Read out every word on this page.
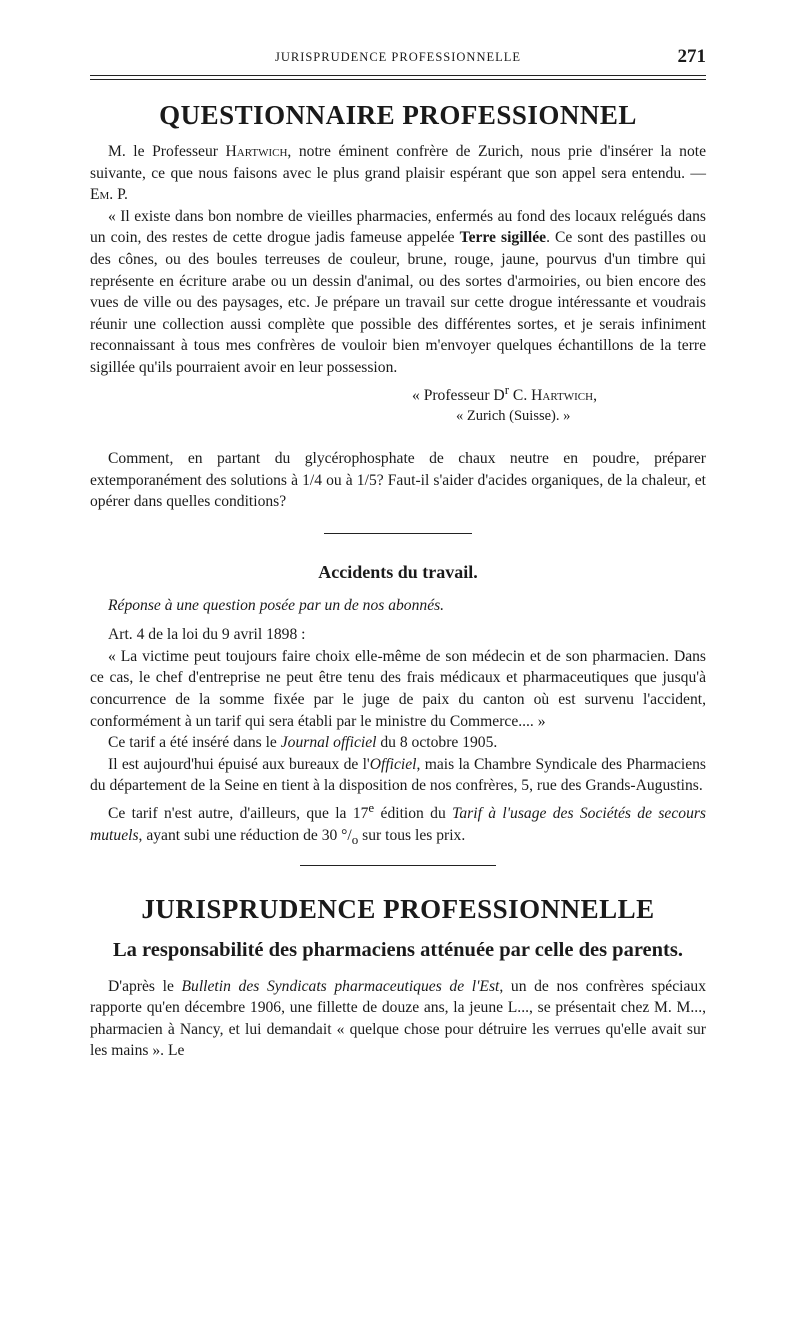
JURISPRUDENCE PROFESSIONNELLE	271
QUESTIONNAIRE PROFESSIONNEL

M. le Professeur Hartwich, notre éminent confrère de Zurich, nous prie d'insérer la note suivante, ce que nous faisons avec le plus grand plaisir espérant que son appel sera entendu. — Em. P.

« Il existe dans bon nombre de vieilles pharmacies, enfermés au fond des locaux relégués dans un coin, des restes de cette drogue jadis fameuse appelée Terre sigillée. Ce sont des pastilles ou des cônes, ou des boules terreuses de couleur, brune, rouge, jaune, pourvus d'un timbre qui représente en écriture arabe ou un dessin d'animal, ou des sortes d'armoiries, ou bien encore des vues de ville ou des paysages, etc. Je prépare un travail sur cette drogue intéressante et voudrais réunir une collection aussi complète que possible des différentes sortes, et je serais infiniment reconnaissant à tous mes confrères de vouloir bien m'envoyer quelques échantillons de la terre sigillée qu'ils pourraient avoir en leur possession.

« Professeur $D^r$ C. Hartwich,

« Zurich (Suisse). »

Comment, en partant du glycérophosphate de chaux neutre en poudre, préparer extemporanément des solutions à 1/4 ou à 1/5? Faut-il s'aider d'acides organiques, de la chaleur, et opérer dans quelles conditions?

Accidents du travail.

Réponse à une question posée par un de nos abonnés.

Art. 4 de la loi du 9 avril 1898 :

« La victime peut toujours faire choix elle-même de son médecin et de son pharmacien. Dans ce cas, le chef d'entreprise ne peut être tenu des frais médicaux et pharmaceutiques que jusqu'à concurrence de la somme fixée par le juge de paix du canton où est survenu l'accident, conformément à un tarif qui sera établi par le ministre du Commerce.... »

Ce tarif a été inséré dans le Journal officiel du 8 octobre 1905.

Il est aujourd'hui épuisé aux bureaux de l'Officiel, mais la Chambre Syndicale des Pharmaciens du département de la Seine en tient à la disposition de nos confrères, 5, rue des Grands-Augustins.

Ce tarif n'est autre, d'ailleurs, que la 17e édition du Tarif à l'usage des Sociétés de secours mutuels, ayant subi une réduction de 30 $^\circ/_o$ sur tous les prix.

JURISPRUDENCE PROFESSIONNELLE
La responsabilité des pharmaciens atténuée par celle des parents.

D'après le Bulletin des Syndicats pharmaceutiques de l'Est, un de nos confrères spéciaux rapporte qu'en décembre 1906, une fillette de douze ans, la jeune L..., se présentait chez M. M..., pharmacien à Nancy, et lui demandait « quelque chose pour détruire les verrues qu'elle avait sur les mains ». Le
